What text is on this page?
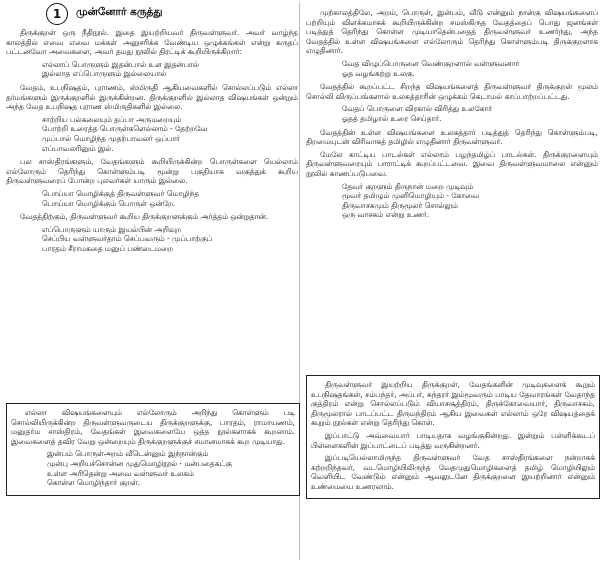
1	முன்னோர் கருத்து

திருக்குறள் ஒரு நீதிநூல். இதை இயற்றியவர் திருவள்ளுவர். அவர் வாழ்ந்த காலத்தில் எவை எவை மக்கள் அனுசரிக்க வேண்டிய ஒழுக்கங்கள் என்று கருதப் பட்டனவோ அவைகளை, அவர் தமது நூலில் திரட்டிக் கூறியிருக்கிறார்:

எல்லாப் பொருளும் இதன்பால் உள இதன்பால்
இல்லாத எப்பொருளும் இல்லையால்

வேதம், உபநிஷதம், புராணம், ஸ்மிருதி ஆகியவைகளில் சொல்லப்படும் எல்லா தர்மங்களும் இருக்குறளில் இருக்கின்றன. திருக்குறளில் இல்லாத விஷயங்கள் ஒன்றும் அந்த வேத உபநிஷத புராண ஸ்மிருதிகளில் இல்லை.

சாற்றிய பல்கலையும் தப்பா அருமறையும்
போற்றி உரைத்த பொருள்களெல்லாம் - தேற்றவே
முப்பால் மொழிந்த முதற்பாவலர் ஒப்பார்
எப்பாவலரினும் இல்.

பல சாஸ்திரங்களும், வேதங்களும் கூறியிருக்கின்ற பொருள்களை யெல்லாம் எல்லோரும் தெரிந்து கொள்ளும்படி மூன்று பகுதியாக வகுத்துக் கூறிய திருவள்ளுவரைப் போன்ற புலவர்கள் யாரும் இல்லை.

பொய்யா மொழிக்குத் திருவள்ளுவர் மொழிந்த
பொய்யா மொழிக்கும் பொருள் ஒன்றே.

வேதத்திற்கும், திருவள்ளுவர் கூறிய திருக்குறளுக்கும் அர்த்தம் ஒன்றுதான்.

எப்பொருளும் யாரும் இயல்பின் அறிவுற
செப்பிய வள்ளுவர்தாம் செப்பவரும் - முப்பாற்குப்
பாரதம் சீராமகதை மனுப் பண்டைமறை

எல்லா விஷயங்களையும் எல்லோரும் அறிந்து கொள்ளும் படி சொல்லியிருக்கின்ற திருவள்ளுவருடைய திருக்குறளுக்கு, பாரதம், ராமாயணம், மனுதர்ம சாஸ்திரம், வேதங்கள் இவைகளையே ஒத்த நூல்களாகக் கூறலாம். இவைகளைத் தவிர வேறு ஒன்றையும் திருக்குறளுக்குச் சமானமாகக் கூற முடியாது.

இன்பம் பொருள்அறம் வீடென்னும் இந்நான்கும்
முன்பு அறியச்சொன்ன முதுமொழிநூல் - மன்பதைகட்கு
உள்ள அரிதென்று அவை வள்ளுவர் உலகம்
கொள்ள மொழிந்தார் குறள்.

முற்காலத்திலே, அறம், பொருள், இன்பம், வீடு என்னும் நான்கு விஷயங்களைப் பற்றியும் விளக்கமாகக் கூறியிருக்கின்ற சமஸ்கிருத வேதத்தைப் பொது ஜனங்கள் படித்துத் தெரிந்து கொள்ள முடியாதென்பதைத் திருவள்ளுவர் உணர்ந்து, அந்த வேதத்தில் உள்ள விஷயங்களை எல்லோரும் தெரிந்து கொள்ளும்படி திருக்குறளாக எழுதினார்.

வேத விழுப்பொருளை வெண்குறளால் வள்ளுவனார்
ஓத வழங்கற்று உலகு.

வேதத்தில் கூறப்பட்ட சிறந்த விஷயங்களைத் திருவள்ளுவர் திருக்குறள் மூலம் சொல்லி விருப்பங்களால் உலகத்தாரின் ஒழுக்கம் கெடாமல் காப்பாற்றப்பட்டது.

வேதப் பொருளை விரகால் விரித்து உலகோர்
ஓதத் தமிழால் உரை செய்தார்.

வேதத்தின் உள்ள விஷயங்களை உலகத்தார் படித்துத் தெரிந்து கொள்ளும்படி, திறமையுடன் விரிவாகத் தமிழில் எழுதினார் திருவள்ளுவர்.

மேலே காட்டிய பாடல்கள் எல்லாம் பழந்தமிழ்ப் பாடல்கள். திருக்குறளையும் திருவள்ளுவரையும் பாராட்டிக் கூறப்பட்டவை. இவை திருவள்ளுவமாலை என்னும் நூலில் காணப்படுபவை.

தேவர் குறளும் திருநான் மறை முடிவும்
மூவர் தமிழும் முனிமொழியும் - கோவை
திருவாசகமும் திருமூலர் சொல்லும்
ஒரு வாசகம் என்று உணர்.

திருவள்ளுவர் இயற்றிய திருக்குறள், வேதங்களின் முடிவுகளைக் கூறும் உபநிஷதங்கள், சம்பந்தர், அப்பர், சுந்தரர் இம்மூவரும் பாடிய தேவாரங்கள் வேதாந்த குத்திரம் என்று சொல்லப்படும் வியாசசூத்திரம், திருக்கோவையார், திருவாசகம், திருமூலரால் பாடப்பட்ட திருமந்திரம் ஆகிய இவைகள் எல்லாம் ஒரே விஷயத்தைக் கூறும் நூல்கள் என்று தெரிந்து கொள்.

இப்பாட்டு அவ்வையார் பாடியதாக வழங்குகின்றது. இன்றும் பள்ளிக்கூடப் பிள்ளைகளின் இப்பாட்டைப் படித்து வருகின்றனர்.

இப்படியெல்லாமிருந்த திருவள்ளுவர் வேத சாஸ்திரங்களை நன்றாகக் கற்றறிந்தவர், வடமொழியிலிருந்த வேதமுதுமொழிகளைத் தமிழ் மொழியிலும் வெளியிட வேண்டும் என்னும் ஆவலுடனே திருக்குறளை இயற்றினார் என்னும் உண்மையை உணரலாம்.
